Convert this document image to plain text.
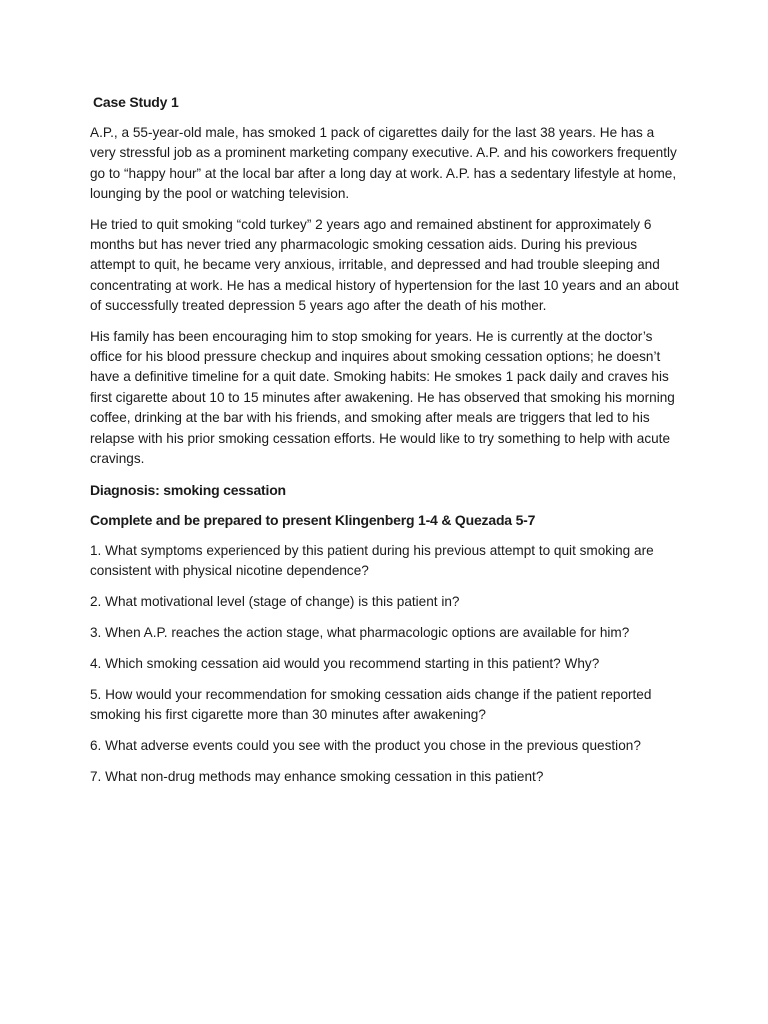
Case Study 1

A.P., a 55-year-old male, has smoked 1 pack of cigarettes daily for the last 38 years. He has a very stressful job as a prominent marketing company executive. A.P. and his coworkers frequently go to “happy hour” at the local bar after a long day at work. A.P. has a sedentary lifestyle at home, lounging by the pool or watching television.

He tried to quit smoking “cold turkey” 2 years ago and remained abstinent for approximately 6 months but has never tried any pharmacologic smoking cessation aids. During his previous attempt to quit, he became very anxious, irritable, and depressed and had trouble sleeping and concentrating at work. He has a medical history of hypertension for the last 10 years and an about of successfully treated depression 5 years ago after the death of his mother.

His family has been encouraging him to stop smoking for years. He is currently at the doctor’s office for his blood pressure checkup and inquires about smoking cessation options; he doesn’t have a definitive timeline for a quit date. Smoking habits: He smokes 1 pack daily and craves his first cigarette about 10 to 15 minutes after awakening. He has observed that smoking his morning coffee, drinking at the bar with his friends, and smoking after meals are triggers that led to his relapse with his prior smoking cessation efforts. He would like to try something to help with acute cravings.

Diagnosis: smoking cessation
Complete and be prepared to present Klingenberg 1-4 & Quezada 5-7

1. What symptoms experienced by this patient during his previous attempt to quit smoking are consistent with physical nicotine dependence?

2. What motivational level (stage of change) is this patient in?

3. When A.P. reaches the action stage, what pharmacologic options are available for him?

4. Which smoking cessation aid would you recommend starting in this patient? Why?

5. How would your recommendation for smoking cessation aids change if the patient reported smoking his first cigarette more than 30 minutes after awakening?

6. What adverse events could you see with the product you chose in the previous question?

7. What non-drug methods may enhance smoking cessation in this patient?
